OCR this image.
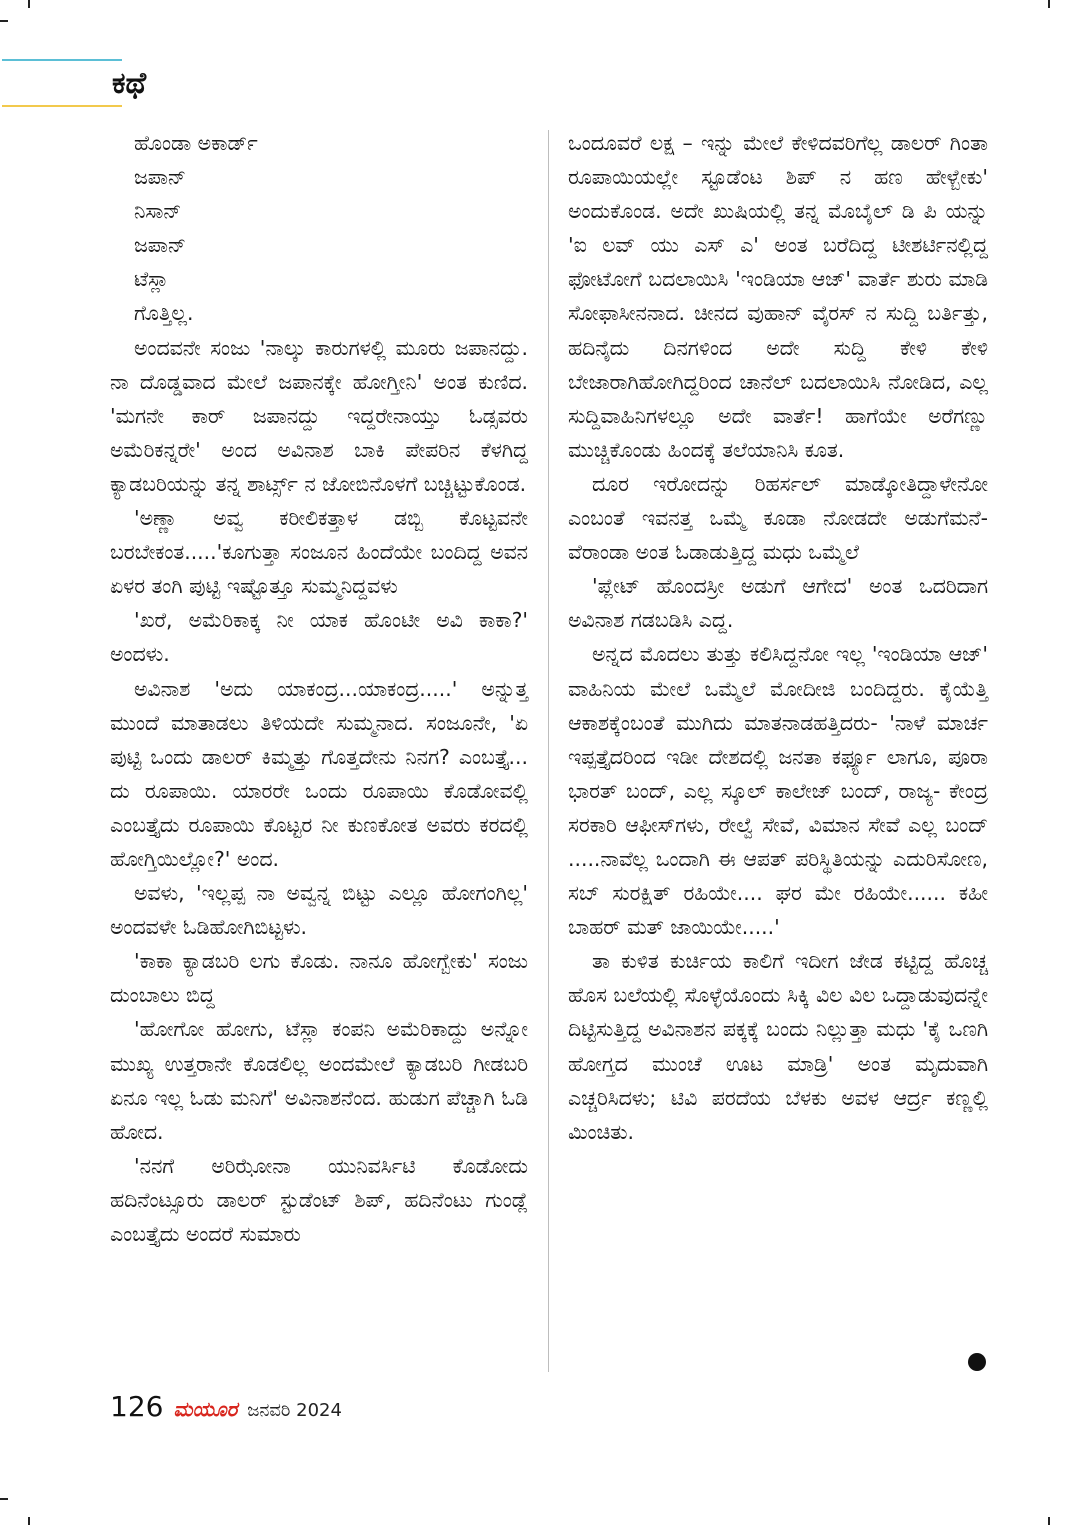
ಕಥೆ
ಹೊಂಡಾ ಅಕಾರ್ಡ್
ಜಪಾನ್
ನಿಸಾನ್
ಜಪಾನ್
ಟೆಸ್ಲಾ
ಗೊತ್ತಿಲ್ಲ.

ಅಂದವನೇ ಸಂಜು 'ನಾಲ್ಕು ಕಾರುಗಳಲ್ಲಿ ಮೂರು ಜಪಾನದ್ದು. ನಾ ದೊಡ್ಡವಾದ ಮೇಲೆ ಜಪಾನಕ್ಕೇ ಹೋಗ್ತೀನಿ' ಅಂತ ಕುಣಿದ. 'ಮಗನೇ ಕಾರ್ ಜಪಾನದ್ದು ಇದ್ದರೇನಾಯ್ತು ಓಡ್ಸವರು ಅಮೆರಿಕನ್ನರೇ' ಅಂದ ಅವಿನಾಶ ಬಾಕಿ ಪೇಪರಿನ ಕೆಳಗಿದ್ದ ಕ್ಯಾಡಬರಿಯನ್ನು ತನ್ನ ಶಾರ್ಟ್ಸ್ ನ ಜೋಬಿನೊಳಗೆ ಬಚ್ಚಿಟ್ಟುಕೊಂಡ.

'ಅಣ್ಣಾ ಅವ್ವ ಕರೀಲಿಕತ್ತಾಳ ಡಬ್ಬಿ ಕೊಟ್ಟವನೇ ಬರಬೇಕಂತ.....'ಕೂಗುತ್ತಾ ಸಂಜೂನ ಹಿಂದೆಯೇ ಬಂದಿದ್ದ ಅವನ ಏಳರ ತಂಗಿ ಪುಟ್ಟಿ ಇಷ್ಟೊತ್ತೂ ಸುಮ್ಮನಿದ್ದವಳು

'ಖರೆ, ಅಮೆರಿಕಾಕ್ಕ ನೀ ಯಾಕ ಹೊಂಟೀ ಅವಿ ಕಾಕಾ?' ಅಂದಳು.

ಅವಿನಾಶ 'ಅದು ಯಾಕಂದ್ರ...ಯಾಕಂದ್ರ.....' ಅನ್ನುತ್ತ ಮುಂದೆ ಮಾತಾಡಲು ತಿಳಿಯದೇ ಸುಮ್ಮನಾದ. ಸಂಜೂನೇ, 'ಏ ಪುಟ್ಟಿ ಒಂದು ಡಾಲರ್ ಕಿಮ್ಮತ್ತು ಗೊತ್ತದೇನು ನಿನಗ? ಎಂಬತ್ತೈ... ದು ರೂಪಾಯಿ. ಯಾರರೇ ಒಂದು ರೂಪಾಯಿ ಕೊಡೋವಲ್ಲಿ ಎಂಬತ್ತೈದು ರೂಪಾಯಿ ಕೊಟ್ಟರ ನೀ ಕುಣಕೋತ ಅವರು ಕರದಲ್ಲಿ ಹೋಗ್ತಿಯಿಲ್ಲೋ?' ಅಂದ.

ಅವಳು, 'ಇಲ್ಲಪ್ಪ ನಾ ಅವ್ವನ್ನ ಬಿಟ್ಟು ಎಲ್ಲೂ ಹೋಗಂಗಿಲ್ಲ' ಅಂದವಳೇ ಓಡಿಹೋಗಿಬಿಟ್ಟಳು.

'ಕಾಕಾ ಕ್ಯಾಡಬರಿ ಲಗು ಕೊಡು. ನಾನೂ ಹೋಗ್ಬೇಕು' ಸಂಜು ದುಂಬಾಲು ಬಿದ್ದ

'ಹೋಗೋ ಹೋಗು, ಟೆಸ್ಲಾ ಕಂಪನಿ ಅಮೆರಿಕಾದ್ದು ಅನ್ನೋ ಮುಖ್ಯ ಉತ್ತರಾನೇ ಕೊಡಲಿಲ್ಲ ಅಂದಮೇಲೆ ಕ್ಯಾಡಬರಿ ಗೀಡಬರಿ ಏನೂ ಇಲ್ಲ ಓಡು ಮನಿಗೆ' ಅವಿನಾಶನೆಂದ. ಹುಡುಗ ಪೆಚ್ಚಾಗಿ ಓಡಿ ಹೋದ.

'ನನಗೆ ಅರಿಝೋನಾ ಯುನಿವರ್ಸಿಟಿ ಕೊಡೋದು ಹದಿನೆಂಟ್ಸೂರು ಡಾಲರ್ ಸ್ಟುಡೆಂಟ್ ಶಿಪ್, ಹದಿನೆಂಟು ಗುಂಡ್ಲೆ ಎಂಬತ್ತೈದು ಅಂದರೆ ಸುಮಾರು

ಒಂದೂವರೆ ಲಕ್ಷ – ಇನ್ನು ಮೇಲೆ ಕೇಳಿದವರಿಗೆಲ್ಲ ಡಾಲರ್ ಗಿಂತಾ ರೂಪಾಯಿಯಲ್ಲೇ ಸ್ಟೂಡೆಂಟ ಶಿಪ್ ನ ಹಣ ಹೇಳ್ಬೇಕು' ಅಂದುಕೊಂಡ. ಅದೇ ಖುಷಿಯಲ್ಲಿ ತನ್ನ ಮೊಬೈಲ್ ಡಿ ಪಿ ಯನ್ನು 'ಐ ಲವ್ ಯು ಎಸ್ ಎ' ಅಂತ ಬರೆದಿದ್ದ ಟೀಶರ್ಟಿನಲ್ಲಿದ್ದ ಫೋಟೋಗೆ ಬದಲಾಯಿಸಿ 'ಇಂಡಿಯಾ ಆಜ್' ವಾರ್ತೆ ಶುರು ಮಾಡಿ ಸೋಫಾಸೀನನಾದ. ಚೀನದ ವುಹಾನ್ ವೈರಸ್ ನ ಸುದ್ದಿ ಬರ್ತಿತ್ತು, ಹದಿನೈದು ದಿನಗಳಿಂದ ಅದೇ ಸುದ್ದಿ ಕೇಳಿ ಕೇಳಿ ಬೇಜಾರಾಗಿಹೋಗಿದ್ದರಿಂದ ಚಾನೆಲ್ ಬದಲಾಯಿಸಿ ನೋಡಿದ, ಎಲ್ಲ ಸುದ್ದಿವಾಹಿನಿಗಳಲ್ಲೂ ಅದೇ ವಾರ್ತೆ! ಹಾಗೆಯೇ ಅರೆಗಣ್ಣು ಮುಚ್ಚಿಕೊಂಡು ಹಿಂದಕ್ಕೆ ತಲೆಯಾನಿಸಿ ಕೂತ.

ದೂರ ಇರೋದನ್ನು ರಿಹರ್ಸಲ್ ಮಾಡ್ಕೋತಿದ್ದಾಳೇನೋ ಎಂಬಂತೆ ಇವನತ್ತ ಒಮ್ಮೆ ಕೂಡಾ ನೋಡದೇ ಅಡುಗೆಮನೆ- ವೆರಾಂಡಾ ಅಂತ ಓಡಾಡುತ್ತಿದ್ದ ಮಧು ಒಮ್ಮೆಲೆ

'ಪ್ಲೇಟ್ ಹೊಂದಸ್ರೀ ಅಡುಗೆ ಆಗೇದ' ಅಂತ ಒದರಿದಾಗ ಅವಿನಾಶ ಗಡಬಡಿಸಿ ಎದ್ದ.

ಅನ್ನದ ಮೊದಲು ತುತ್ತು ಕಲಿಸಿದ್ದನೋ ಇಲ್ಲ 'ಇಂಡಿಯಾ ಆಜ್' ವಾಹಿನಿಯ ಮೇಲೆ ಒಮ್ಮೆಲೆ ಮೋದೀಜಿ ಬಂದಿದ್ದರು. ಕೈಯೆತ್ತಿ ಆಕಾಶಕ್ಕೆಂಬಂತೆ ಮುಗಿದು ಮಾತನಾಡಹತ್ತಿದರು- 'ನಾಳೆ ಮಾರ್ಚ ಇಪ್ಪತ್ತೈದರಿಂದ ಇಡೀ ದೇಶದಲ್ಲಿ ಜನತಾ ಕರ್ಫ್ಯೂ ಲಾಗೂ, ಪೂರಾ ಭಾರತ್ ಬಂದ್, ಎಲ್ಲ ಸ್ಕೂಲ್ ಕಾಲೇಜ್ ಬಂದ್, ರಾಜ್ಯ- ಕೇಂದ್ರ ಸರಕಾರಿ ಆಫೀಸ್‌ಗಳು, ರೇಲ್ವೆ ಸೇವೆ, ವಿಮಾನ ಸೇವೆ ಎಲ್ಲ ಬಂದ್ .....ನಾವೆಲ್ಲ ಒಂದಾಗಿ ಈ ಆಪತ್ ಪರಿಸ್ಥಿತಿಯನ್ನು ಎದುರಿಸೋಣ, ಸಬ್ ಸುರಕ್ಷಿತ್ ರಹಿಯೇ.... ಘರ ಮೇ ರಹಿಯೇ...... ಕಹೀ ಬಾಹರ್ ಮತ್ ಜಾಯಿಯೇ.....'

ತಾ ಕುಳಿತ ಕುರ್ಚಿಯ ಕಾಲಿಗೆ ಇದೀಗ ಜೇಡ ಕಟ್ಟಿದ್ದ ಹೊಚ್ಚ ಹೊಸ ಬಲೆಯಲ್ಲಿ ಸೊಳ್ಳೆಯೊಂದು ಸಿಕ್ಕಿ ವಿಲ ವಿಲ ಒದ್ದಾಡುವುದನ್ನೇ ದಿಟ್ಟಿಸುತ್ತಿದ್ದ ಅವಿನಾಶನ ಪಕ್ಕಕ್ಕೆ ಬಂದು ನಿಲ್ಲುತ್ತಾ ಮಧು 'ಕೈ ಒಣಗಿ ಹೋಗ್ತದ ಮುಂಚೆ ಊಟ ಮಾಡ್ರಿ' ಅಂತ ಮೃದುವಾಗಿ ಎಚ್ಚರಿಸಿದಳು; ಟಿವಿ ಪರದೆಯ ಬೆಳಕು ಅವಳ ಆರ್ದ್ರ ಕಣ್ಣಲ್ಲಿ ಮಿಂಚಿತು.

126 ಮಯೂರ ಜನವರಿ 2024
